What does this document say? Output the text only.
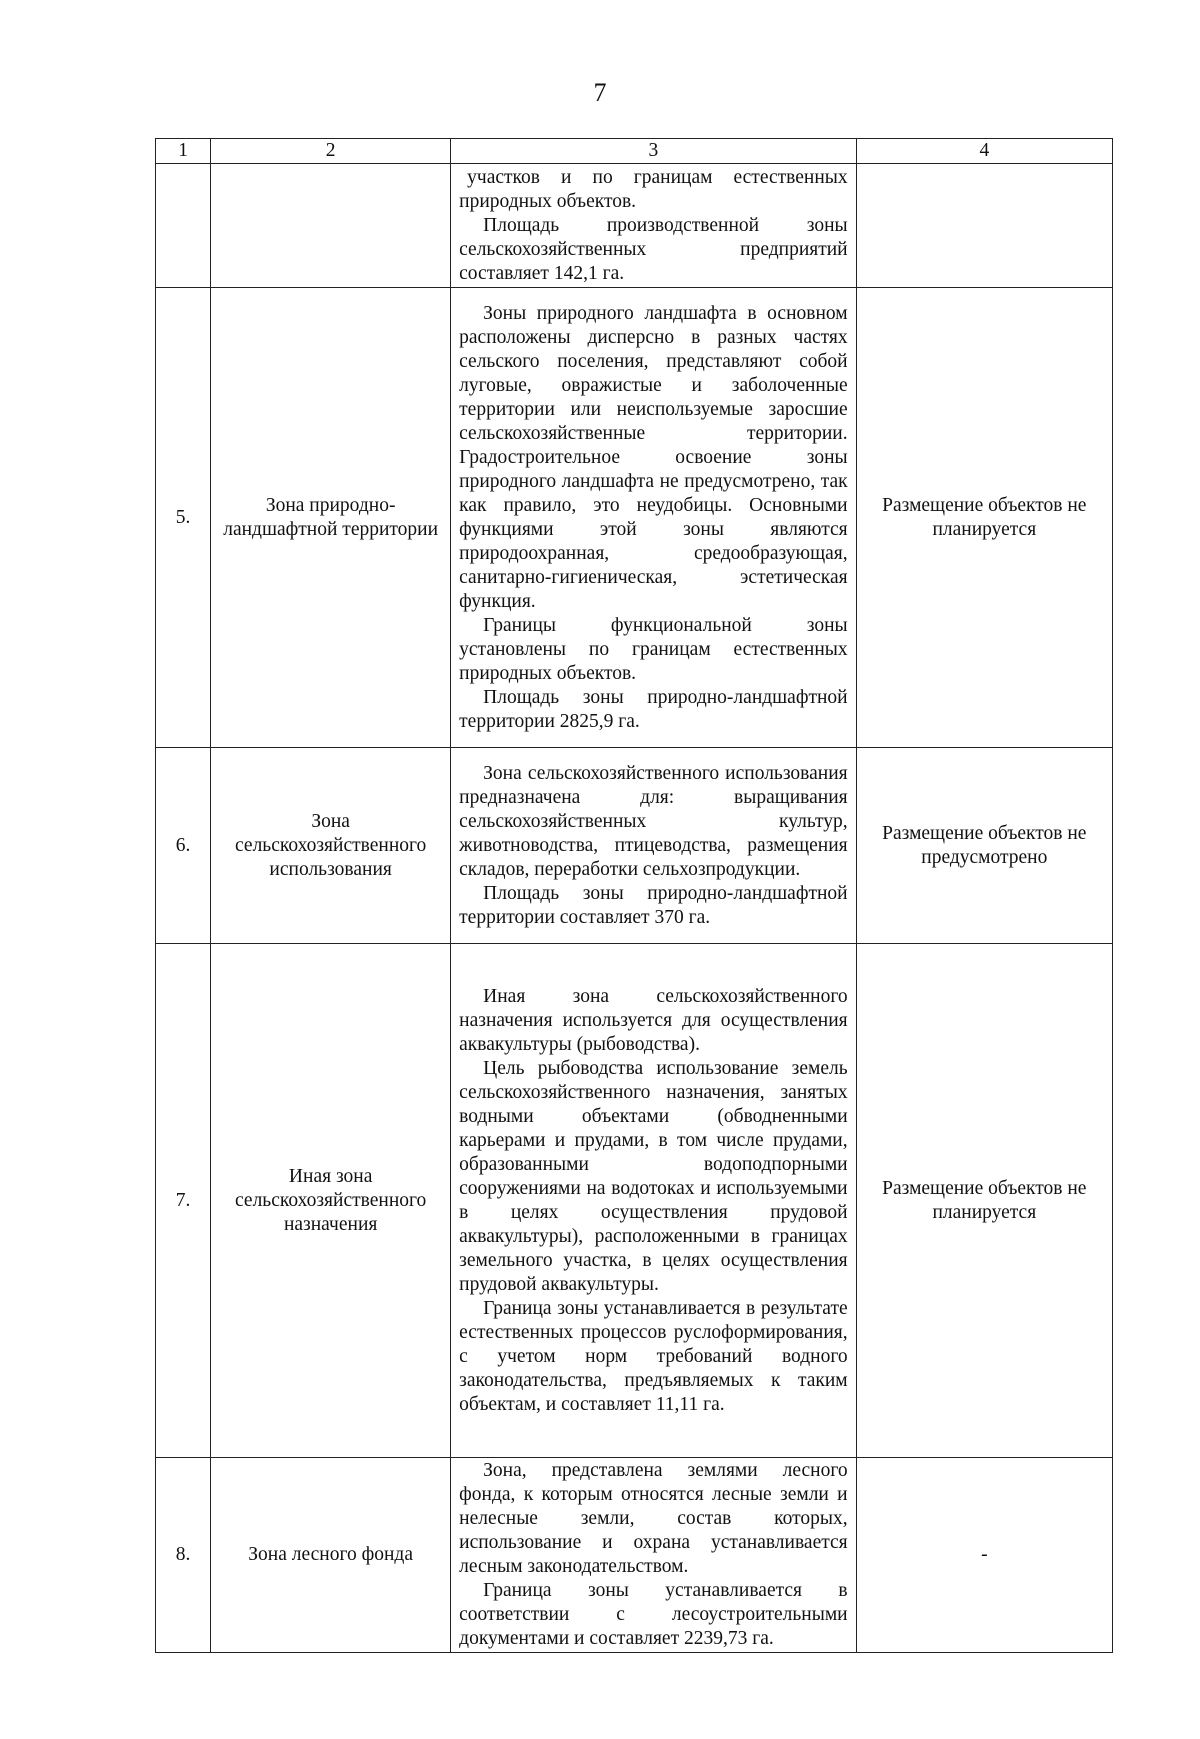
7
1	2	3	4

		участков и по границам естественных природных объектов.

Площадь производственной зоны сельскохозяйственных предприятий составляет 142,1 га.	

5.	Зона природно-ландшафтной территории	Зоны природного ландшафта в основном расположены дисперсно в разных частях сельского поселения, представляют собой луговые, овражистые и заболоченные территории или неиспользуемые заросшие сельскохозяйственные территории. Градостроительное освоение зоны природного ландшафта не предусмотрено, так как правило, это неудобицы. Основными функциями этой зоны являются природоохранная, средообразующая, санитарно-гигиеническая, эстетическая функция.

Границы функциональной зоны установлены по границам естественных природных объектов.

Площадь зоны природно-ландшафтной территории 2825,9 га.	Размещение объектов не планируется
6.	Зона сельскохозяйственного использования	Зона сельскохозяйственного использования предназначена для: выращивания сельскохозяйственных культур, животноводства, птицеводства, размещения складов, переработки сельхозпродукции.

Площадь зоны природно-ландшафтной территории составляет 370 га.	Размещение объектов не предусмотрено
7.	Иная зона сельскохозяйственного назначения	Иная зона сельскохозяйственного назначения используется для осуществления аквакультуры (рыбоводства).

Цель рыбоводства использование земель сельскохозяйственного назначения, занятых водными объектами (обводненными карьерами и прудами, в том числе прудами, образованными водоподпорными сооружениями на водотоках и используемыми в целях осуществления прудовой аквакультуры), расположенными в границах земельного участка, в целях осуществления прудовой аквакультуры.

Граница зоны устанавливается в результате естественных процессов руслоформирования, с учетом норм требований водного законодательства, предъявляемых к таким объектам, и составляет 11,11 га.	Размещение объектов не планируется
8.	Зона лесного фонда	Зона, представлена землями лесного фонда, к которым относятся лесные земли и нелесные земли, состав которых, использование и охрана устанавливается лесным законодательством.

Граница зоны устанавливается в соответствии с лесоустроительными документами и составляет 2239,73 га.	-
